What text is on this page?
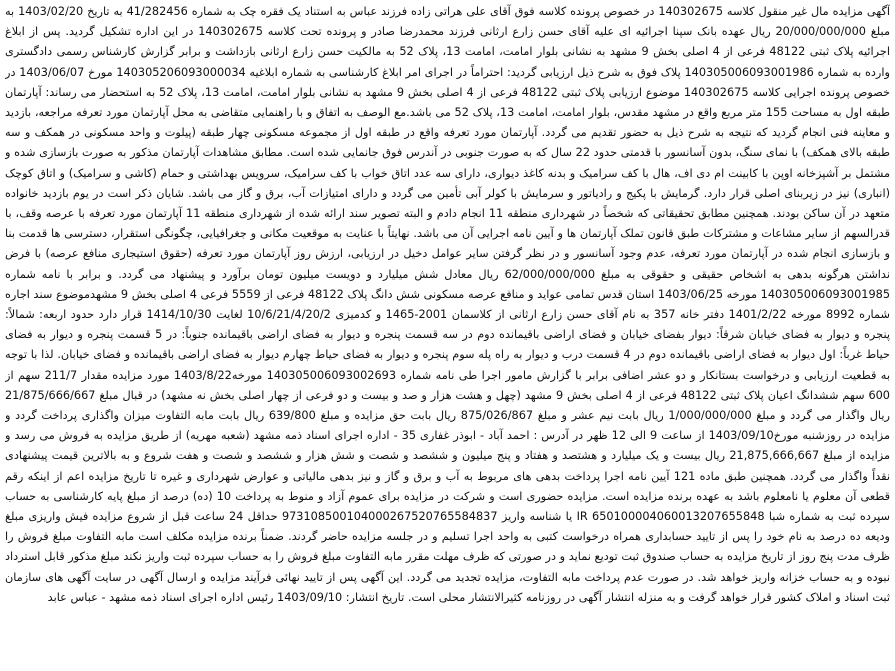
آگهی مزایده مال غیر منقول کلاسه 140302675 در خصوص پرونده کلاسه فوق آقای علی هراتی زاده فرزند عباس به استناد یک فقره چک به شماره 41/282456 به تاریخ 1403/02/20 به مبلغ 20/000/000/000 ریال عهده بانک سپنا اجرائیه ای علیه آقای حسن زارع ارثانی فرزند محمدرضا صادر و پرونده تحت کلاسه 140302675 در این اداره تشکیل گردید. پس از ابلاغ اجرائیه پلاک ثبتی 48122 فرعی از 4 اصلی بخش 9 مشهد به نشانی بلوار امامت، امامت 13، پلاک 52 به مالکیت حسن زارع ارثانی بازداشت و برابر گزارش کارشناس رسمی دادگستری وارده به شماره 140305006093001986 پلاک فوق به شرح ذیل ارزیابی گردید: احتراماً در اجرای امر ابلاغ کارشناسی به شماره ابلاغیه 140305206093000034 مورخ 1403/06/07 در خصوص پرونده اجرایی کلاسه 140302675 موضوع ارزیابی پلاک ثبتی 48122 فرعی از 4 اصلی بخش 9 مشهد به نشانی بلوار امامت، امامت 13، پلاک 52 به استحضار می رساند: آپارتمان طبقه اول به مساحت 155 متر مربع واقع در مشهد مقدس، بلوار امامت، امامت 13، پلاک 52 می باشد.مع الوصف به اتفاق و با راهنمایی متقاضی به محل آپارتمان مورد تعرفه مراجعه، بازدید و معاینه فنی انجام گردید که نتیجه به شرح ذیل به حضور تقدیم می گردد. آپارتمان مورد تعرفه واقع در طبقه اول از مجموعه مسکونی چهار طبقه (پیلوت و واحد مسکونی در همکف و سه طبقه بالای همکف) با نمای سنگ، بدون آسانسور با قدمتی حدود 22 سال که به صورت جنوبی در آندرس فوق جانمایی شده است. مطابق مشاهدات آپارتمان مذکور به صورت بازسازی شده و مشتمل بر آشپزخانه اوپن با کابینت ام دی اف، هال با کف سرامیک و بدنه کاغذ دیواری، دارای سه عدد اتاق خواب با کف سرامیک، سرویس بهداشتی و حمام (کاشی و سرامیک) و اتاق کوچک (انباری) نیز در زیربنای اصلی قرار دارد. گرمایش با پکیج و رادیاتور و سرمایش با کولر آبی تأمین می گردد و دارای امتیازات آب، برق و گاز می باشد. شایان ذکر است در یوم بازدید خانواده متعهد در آن ساکن بودند. همچنین مطابق تحقیقاتی که شخصاً در شهرداری منطقه 11 انجام دادم و البته تصویر سند ارائه شده از شهرداری منطقه 11 آپارتمان مورد تعرفه با عرصه وقف، با قدرالسهم از سایر مشاعات و مشترکات طبق قانون تملک آپارتمان ها و آیین نامه اجرایی آن می باشد. نهایتاً با عنایت به موقعیت مکانی و جغرافیایی، چگونگی استقرار، دسترسی ها قدمت بنا و بازسازی انجام شده در آپارتمان مورد تعرفه، عدم وجود آسانسور و در نظر گرفتن سایر عوامل دخیل در ارزیابی، ارزش روز آپارتمان مورد تعرفه (حقوق استیجاری منافع عرصه) با فرض نداشتن هرگونه بدهی به اشخاص حقیقی و حقوقی به مبلغ 62/000/000/000 ریال معادل شش میلیارد و دویست میلیون تومان برآورد و پیشنهاد می گردد. و برابر با نامه شماره 140305006093001985 مورخه 1403/06/25 استان قدس تمامی عواید و منافع عرصه مسکونی شش دانگ پلاک 48122 فرعی از 5559 فرعی 4 اصلی بخش 9 مشهدموضوع سند اجاره شماره 8992 مورخه 1401/2/22 دفتر خانه 357 به نام آقای حسن زارع ارثانی از کلاسمان 2001-1465 و کدمیزی 10/6/21/4/20/2 لغایت 1414/10/30 قرار دارد حدود اربعه: شمالاً: پنجره و دیوار به فضای خیابان شرقاً: دیوار بفضای خیابان و فضای اراضی باقیمانده دوم در سه قسمت پنجره و دیوار به فضای اراضی باقیمانده جنوباً: در 5 قسمت پنجره و دیوار به فضای حیاط غرباً: اول دیوار به فضای اراضی باقیمانده دوم در 4 قسمت درب و دیوار به راه پله سوم پنجره و دیوار به فضای حیاط چهارم دیوار به فضای اراضی باقیمانده و فضای خیابان. لذا با توجه به قطعیت ارزیابی و درخواست بستانکار و دو عشر اضافی برابر با گزارش مامور اجرا طی نامه شماره 140305006093002693 مورخه1403/8/22 مورد مزایده مقدار 211/7 سهم از 600 سهم ششدانگ اعیان پلاک ثبتی 48122 فرعی از 4 اصلی بخش 9 مشهد (چهل و هشت هزار و صد و بیست و دو فرعی از چهار اصلی بخش نه مشهد) در قبال مبلغ 21/875/666/667 ریال واگذار می گردد و مبلغ 1/000/000/000 ریال بابت نیم عشر و مبلغ 875/026/867 ریال بابت حق مزایده و مبلغ 639/800 ریال بابت مابه التفاوت میزان واگذاری پرداخت گردد و مزایده در روزشنبه مورخ1403/09/10 از ساعت 9 الی 12 ظهر در آدرس : احمد آباد - ابوذر غفاری 35 - اداره اجرای اسناد ذمه مشهد (شعبه مهریه) از طریق مزایده به فروش می رسد و مزایده از مبلغ 21,875,666,667 ریال بیست و یک میلیارد و هشتصد و هفتاد و پنج میلیون و ششصد و شصت و شش هزار و ششصد و شصت و هفت شروع و به بالاترین قیمت پیشنهادی نقداً واگذار می گردد. همچنین طبق ماده 121 آیین نامه اجرا پرداخت بدهی های مربوط به آب و برق و گاز و نیز بدهی مالیاتی و عوارض شهرداری و غیره تا تاریخ مزایده اعم از اینکه رقم قطعی آن معلوم یا نامعلوم باشد به عهده برنده مزایده است. مزایده حضوری است و شرکت در مزایده برای عموم آزاد و منوط به پرداخت 10 (ده) درصد از مبلغ پایه کارشناسی به حساب سپرده ثبت به شماره شبا IR 650100004060013207655848 یا شناسه واریز 973108500104000267520765584837 حداقل 24 ساعت قبل از شروع مزایده فیش واریزی مبلغ ودیعه ده درصد به نام خود را پس از تایید حسابداری همراه درخواست کتبی به واحد اجرا تسلیم و در جلسه مزایده حاضر گردند. ضمناً برنده مزایده مکلف است مابه التفاوت مبلغ فروش را ظرف مدت پنج روز از تاریخ مزایده به حساب صندوق ثبت تودیع نماید و در صورتی که ظرف مهلت مقرر مابه التفاوت مبلغ فروش را به حساب سپرده ثبت واریز نکند مبلغ مذکور قابل استرداد نبوده و به حساب خزانه واریز خواهد شد. در صورت عدم پرداخت مابه التفاوت، مزایده تجدید می گردد. این آگهی پس از تایید نهائی فرآیند مزایده و ارسال آگهی در سایت آگهی های سازمان ثبت اسناد و املاک کشور قرار خواهد گرفت و به منزله انتشار آگهی در روزنامه کثیرالانتشار محلی است. تاریخ انتشار: 1403/09/10 رئیس اداره اجرای اسناد ذمه مشهد - عباس عابد
